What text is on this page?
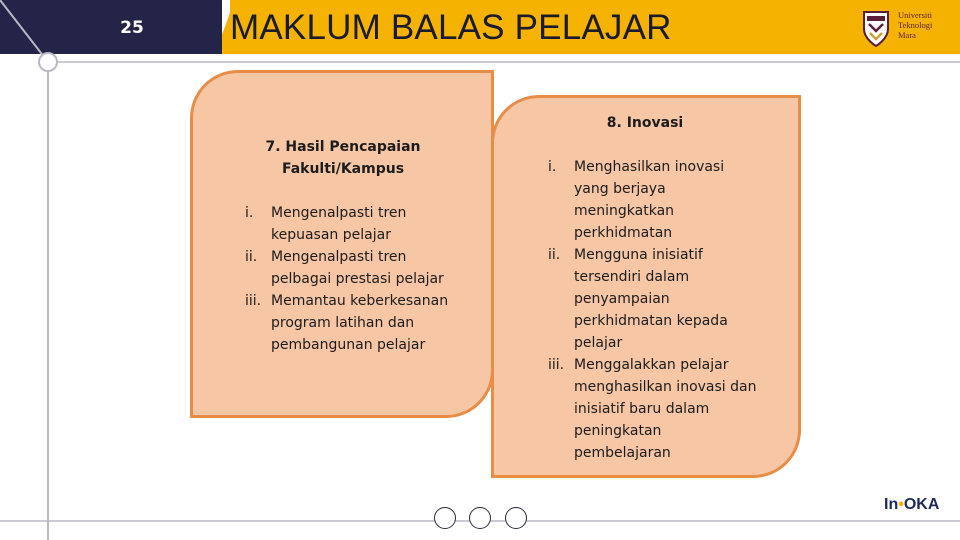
25	MAKLUM BALAS PELAJAR	Universiti
Teknologi
Mara
7. Hasil Pencapaian
Fakulti/Kampus
i. Mengenalpasti tren
kepuasan pelajar
ii. Mengenalpasti tren
pelbagai prestasi pelajar
iii. Memantau keberkesanan
program latihan dan
pembangunan pelajar
8. Inovasi
i. Menghasilkan inovasi
yang berjaya
meningkatkan
perkhidmatan
ii. Mengguna inisiatif
tersendiri dalam
penyampaian
perkhidmatan kepada
pelajar
iii. Menggalakkan pelajar
menghasilkan inovasi dan
inisiatif baru dalam
peningkatan
pembelajaran
In•OKA
